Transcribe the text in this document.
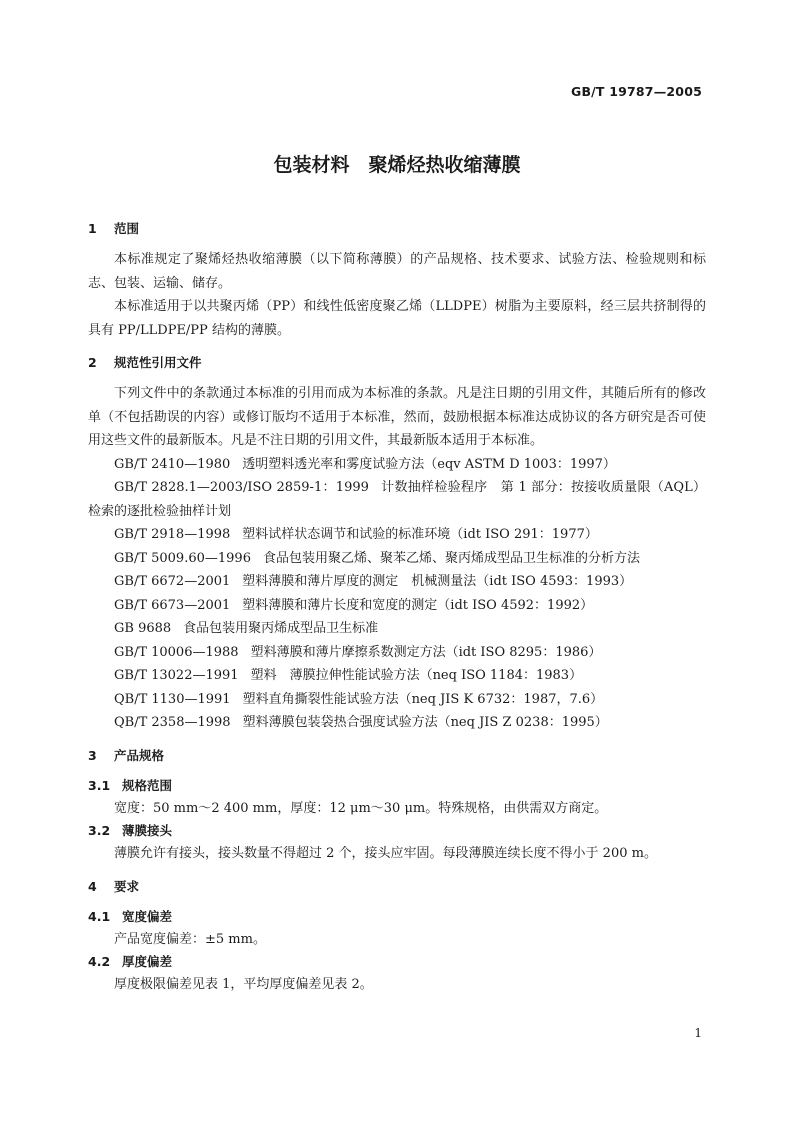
GB/T 19787—2005
包装材料　聚烯烃热收缩薄膜
1 范围

本标准规定了聚烯烃热收缩薄膜（以下简称薄膜）的产品规格、技术要求、试验方法、检验规则和标志、包装、运输、储存。

本标准适用于以共聚丙烯（PP）和线性低密度聚乙烯（LLDPE）树脂为主要原料，经三层共挤制得的具有 PP/LLDPE/PP 结构的薄膜。

2 规范性引用文件

下列文件中的条款通过本标准的引用而成为本标准的条款。凡是注日期的引用文件，其随后所有的修改单（不包括勘误的内容）或修订版均不适用于本标准，然而，鼓励根据本标准达成协议的各方研究是否可使用这些文件的最新版本。凡是不注日期的引用文件，其最新版本适用于本标准。

GB/T 2410—1980 透明塑料透光率和雾度试验方法（eqv ASTM D 1003：1997）

GB/T 2828.1—2003/ISO 2859-1：1999 计数抽样检验程序　第 1 部分：按接收质量限（AQL）检索的逐批检验抽样计划

GB/T 2918—1998 塑料试样状态调节和试验的标准环境（idt ISO 291：1977）

GB/T 5009.60—1996 食品包装用聚乙烯、聚苯乙烯、聚丙烯成型品卫生标准的分析方法

GB/T 6672—2001 塑料薄膜和薄片厚度的测定　机械测量法（idt ISO 4593：1993）

GB/T 6673—2001 塑料薄膜和薄片长度和宽度的测定（idt ISO 4592：1992）

GB 9688 食品包装用聚丙烯成型品卫生标准

GB/T 10006—1988 塑料薄膜和薄片摩擦系数测定方法（idt ISO 8295：1986）

GB/T 13022—1991 塑料　薄膜拉伸性能试验方法（neq ISO 1184：1983）

QB/T 1130—1991 塑料直角撕裂性能试验方法（neq JIS K 6732：1987，7.6）

QB/T 2358—1998 塑料薄膜包装袋热合强度试验方法（neq JIS Z 0238：1995）

3 产品规格
3.1 规格范围

宽度：50 mm～2 400 mm，厚度：12 μm～30 μm。特殊规格，由供需双方商定。

3.2 薄膜接头

薄膜允许有接头，接头数量不得超过 2 个，接头应牢固。每段薄膜连续长度不得小于 200 m。

4 要求
4.1 宽度偏差

产品宽度偏差：±5 mm。

4.2 厚度偏差

厚度极限偏差见表 1，平均厚度偏差见表 2。

1
